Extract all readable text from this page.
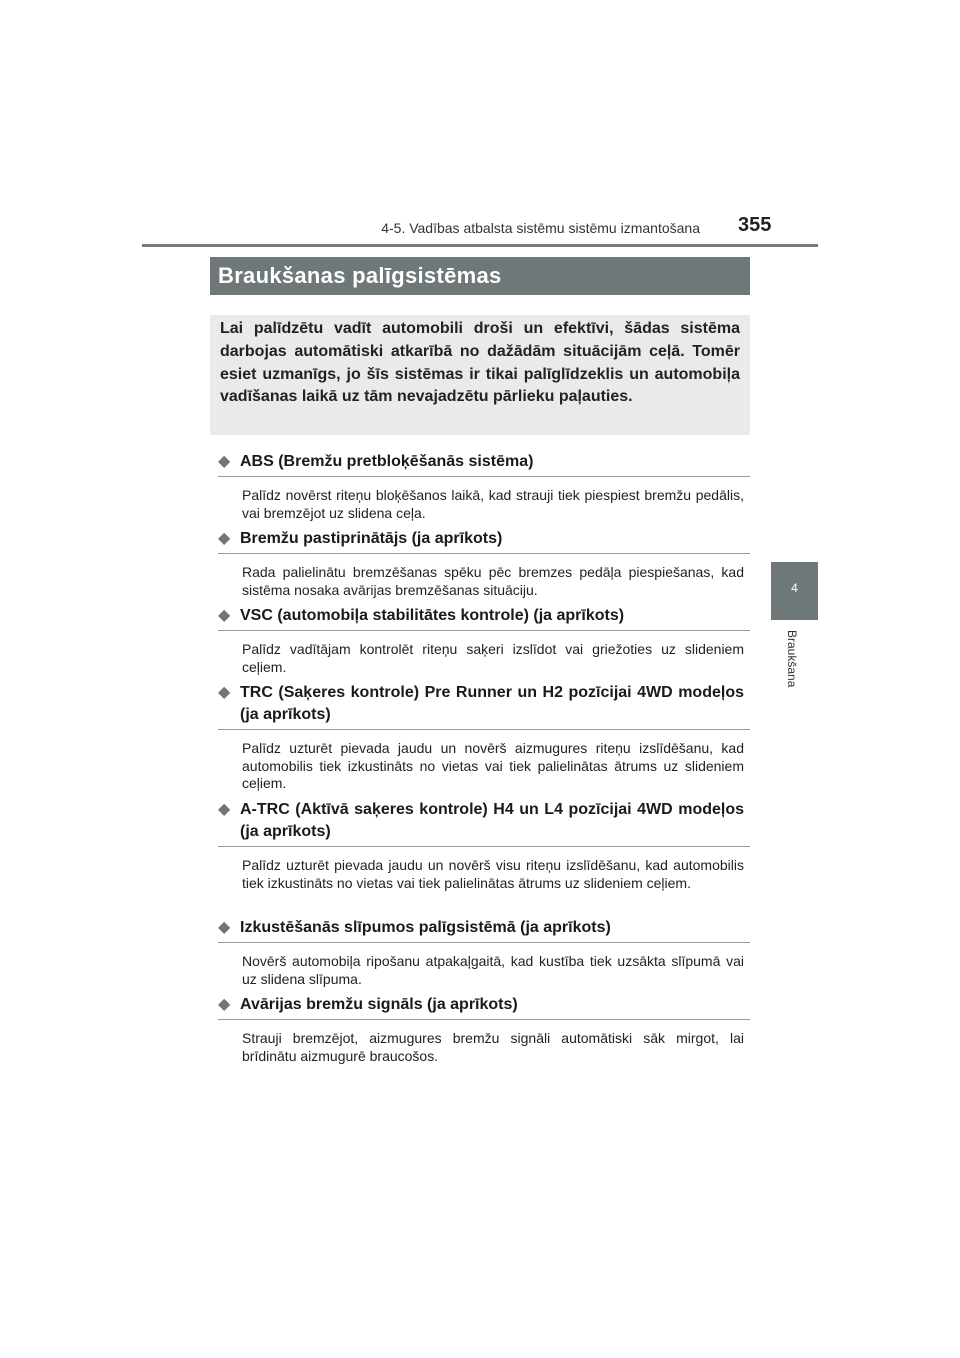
4-5. Vadības atbalsta sistēmu sistēmu izmantošana 355
4
Braukšana
Braukšanas palīgsistēmas

Lai palīdzētu vadīt automobili droši un efektīvi, šādas sistēma darbojas automātiski atkarībā no dažādām situācijām ceļā. Tomēr esiet uzmanīgs, jo šīs sistēmas ir tikai palīglīdzeklis un automobiļa vadīšanas laikā uz tām nevajadzētu pārlieku paļauties.

◆ ABS (Bremžu pretbloķēšanās sistēma)
Palīdz novērst riteņu bloķēšanos laikā, kad strauji tiek piespiest bremžu pedālis, vai bremzējot uz slidena ceļa.
◆ Bremžu pastiprinātājs (ja aprīkots)
Rada palielinātu bremzēšanas spēku pēc bremzes pedāļa piespiešanas, kad sistēma nosaka avārijas bremzēšanas situāciju.
◆ VSC (automobiļa stabilitātes kontrole) (ja aprīkots)
Palīdz vadītājam kontrolēt riteņu saķeri izslīdot vai griežoties uz slideniem ceļiem.
◆ TRC (Saķeres kontrole) Pre Runner un H2 pozīcijai 4WD modeļos (ja aprīkots)
Palīdz uzturēt pievada jaudu un novērš aizmugures riteņu izslīdēšanu, kad automobilis tiek izkustināts no vietas vai tiek palielinātas ātrums uz slideniem ceļiem.
◆ A-TRC (Aktīvā saķeres kontrole) H4 un L4 pozīcijai 4WD modeļos (ja aprīkots)
Palīdz uzturēt pievada jaudu un novērš visu riteņu izslīdēšanu, kad automobilis tiek izkustināts no vietas vai tiek palielinātas ātrums uz slideniem ceļiem.
◆ Izkustēšanās slīpumos palīgsistēmā (ja aprīkots)
Novērš automobiļa ripošanu atpakaļgaitā, kad kustība tiek uzsākta slīpumā vai uz slidena slīpuma.
◆ Avārijas bremžu signāls (ja aprīkots)
Strauji bremzējot, aizmugures bremžu signāli automātiski sāk mirgot, lai brīdinātu aizmugurē braucošos.
